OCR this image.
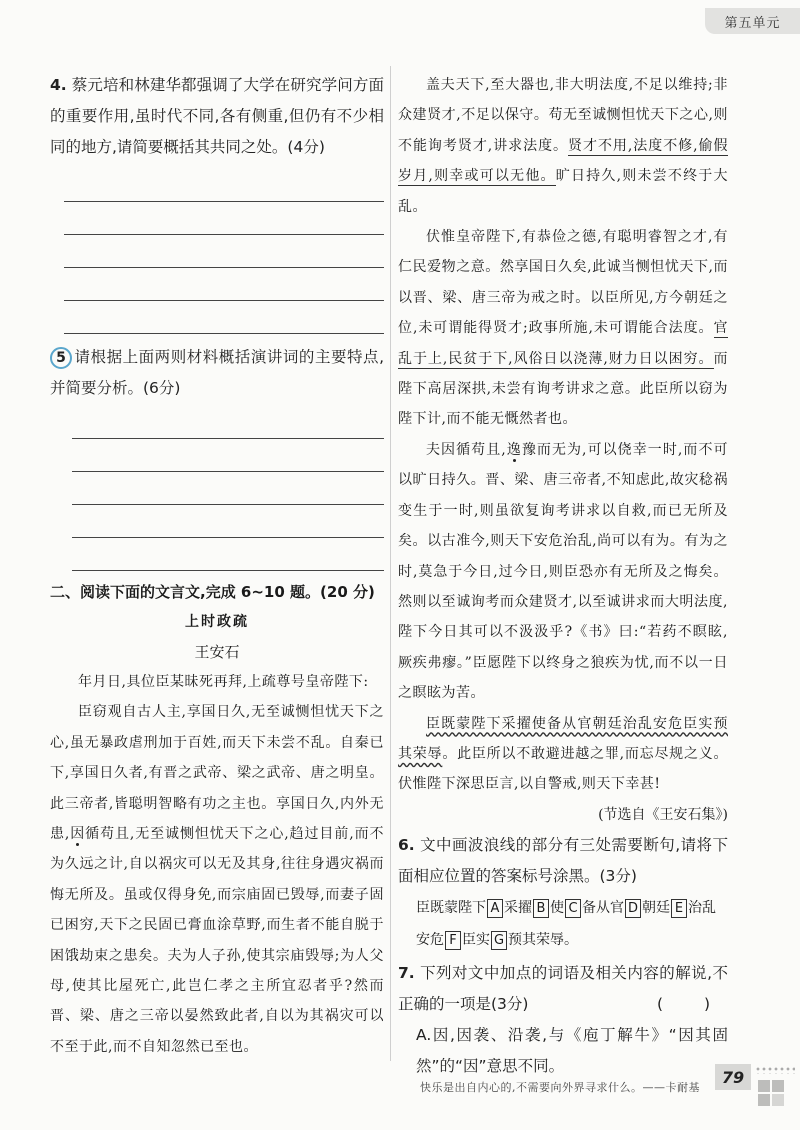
第五单元
4. 蔡元培和林建华都强调了大学在研究学问方面的重要作用,虽时代不同,各有侧重,但仍有不少相同的地方,请简要概括其共同之处。(4分)
5 请根据上面两则材料概括演讲词的主要特点,并简要分析。(6分)
二、阅读下面的文言文,完成 6~10 题。(20 分)
上时政疏
王安石

年月日,具位臣某昧死再拜,上疏尊号皇帝陛下:

臣窃观自古人主,享国日久,无至诚恻怛忧天下之心,虽无暴政虐刑加于百姓,而天下未尝不乱。自秦已下,享国日久者,有晋之武帝、梁之武帝、唐之明皇。此三帝者,皆聪明智略有功之主也。享国日久,内外无患,因循苟且,无至诚恻怛忧天下之心,趋过目前,而不为久远之计,自以祸灾可以无及其身,往往身遇灾祸而悔无所及。虽或仅得身免,而宗庙固已毁辱,而妻子固已困穷,天下之民固已膏血涂草野,而生者不能自脱于困饿劫束之患矣。夫为人子孙,使其宗庙毁辱;为人父母,使其比屋死亡,此岂仁孝之主所宜忍者乎?然而晋、梁、唐之三帝以晏然致此者,自以为其祸灾可以不至于此,而不自知忽然已至也。

盖夫天下,至大器也,非大明法度,不足以维持;非众建贤才,不足以保守。苟无至诚恻怛忧天下之心,则不能询考贤才,讲求法度。贤才不用,法度不修,偷假岁月,则幸或可以无他。旷日持久,则未尝不终于大乱。

伏惟皇帝陛下,有恭俭之德,有聪明睿智之才,有仁民爱物之意。然享国日久矣,此诚当恻怛忧天下,而以晋、梁、唐三帝为戒之时。以臣所见,方今朝廷之位,未可谓能得贤才;政事所施,未可谓能合法度。官乱于上,民贫于下,风俗日以浇薄,财力日以困穷。而陛下高居深拱,未尝有询考讲求之意。此臣所以窃为陛下计,而不能无慨然者也。

夫因循苟且,逸豫而无为,可以侥幸一时,而不可以旷日持久。晋、梁、唐三帝者,不知虑此,故灾稔祸变生于一时,则虽欲复询考讲求以自救,而已无所及矣。以古准今,则天下安危治乱,尚可以有为。有为之时,莫急于今日,过今日,则臣恐亦有无所及之悔矣。然则以至诚询考而众建贤才,以至诚讲求而大明法度,陛下今日其可以不汲汲乎?《书》曰:“若药不瞑眩,厥疾弗瘳。”臣愿陛下以终身之狼疾为忧,而不以一日之瞑眩为苦。

臣既蒙陛下采擢使备从官朝廷治乱安危臣实预其荣辱。此臣所以不敢避进越之罪,而忘尽规之义。伏惟陛下深思臣言,以自警戒,则天下幸甚!

(节选自《王安石集》)
6. 文中画波浪线的部分有三处需要断句,请将下面相应位置的答案标号涂黑。(3分)
臣既蒙陛下 A 采擢 B 使 C 备从官 D 朝廷 E 治乱安危 F 臣实 G 预其荣辱。
7. 下列对文中加点的词语及相关内容的解说,不正确的一项是(3分)	( )
A.因,因袭、沿袭,与《庖丁解牛》“因其固然”的“因”意思不同。
快乐是出自内心的,不需要向外界寻求什么。——卡耐基
79
